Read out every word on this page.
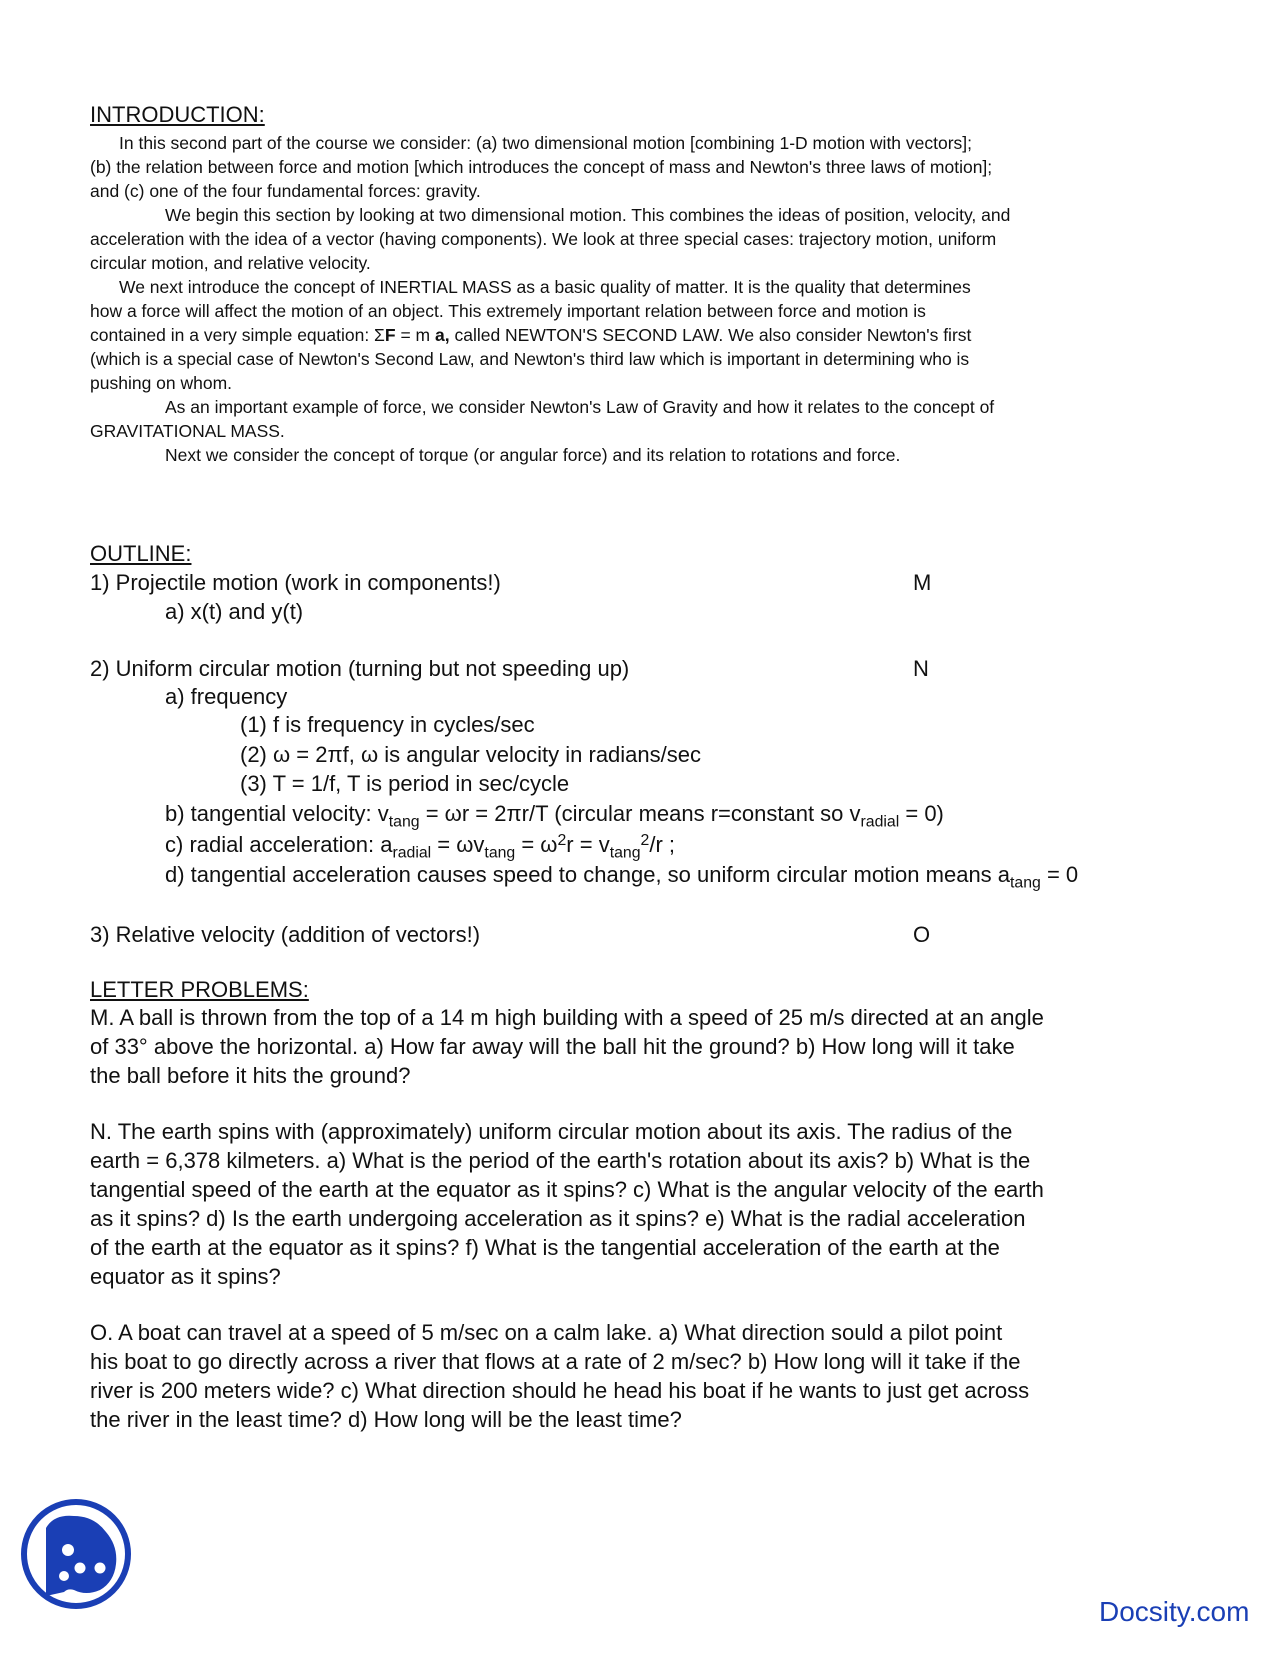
INTRODUCTION:
In this second part of the course we consider: (a) two dimensional motion [combining 1-D motion with vectors];
(b) the relation between force and motion [which introduces the concept of mass and Newton's three laws of motion];
and (c) one of the four fundamental forces: gravity.
We begin this section by looking at two dimensional motion. This combines the ideas of position, velocity, and
acceleration with the idea of a vector (having components). We look at three special cases: trajectory motion, uniform
circular motion, and relative velocity.
We next introduce the concept of INERTIAL MASS as a basic quality of matter. It is the quality that determines
how a force will affect the motion of an object. This extremely important relation between force and motion is
contained in a very simple equation: ΣF = m a, called NEWTON'S SECOND LAW. We also consider Newton's first
(which is a special case of Newton's Second Law, and Newton's third law which is important in determining who is
pushing on whom.
As an important example of force, we consider Newton's Law of Gravity and how it relates to the concept of
GRAVITATIONAL MASS.
Next we consider the concept of torque (or angular force) and its relation to rotations and force.
OUTLINE:
1) Projectile motion (work in components!)	M
a) x(t) and y(t)
2) Uniform circular motion (turning but not speeding up)	N
a) frequency
(1) f is frequency in cycles/sec
(2) ω = 2πf, ω is angular velocity in radians/sec
(3) T = 1/f, T is period in sec/cycle
b) tangential velocity: $v_{tang} = \omega r = 2\pi r/T$ (circular means r=constant so $v_{radial} = 0$)
c) radial acceleration: $a_{radial} = \omega v_{tang} = \omega^2r = v_{tang}^2/r$ ;
d) tangential acceleration causes speed to change, so uniform circular motion means $a_{tang} = 0$
3) Relative velocity (addition of vectors!)	O
LETTER PROBLEMS:
M. A ball is thrown from the top of a 14 m high building with a speed of 25 m/s directed at an angle
of 33° above the horizontal. a) How far away will the ball hit the ground? b) How long will it take
the ball before it hits the ground?
N. The earth spins with (approximately) uniform circular motion about its axis. The radius of the
earth = 6,378 kilmeters. a) What is the period of the earth's rotation about its axis? b) What is the
tangential speed of the earth at the equator as it spins? c) What is the angular velocity of the earth
as it spins? d) Is the earth undergoing acceleration as it spins? e) What is the radial acceleration
of the earth at the equator as it spins? f) What is the tangential acceleration of the earth at the
equator as it spins?
O. A boat can travel at a speed of 5 m/sec on a calm lake. a) What direction sould a pilot point
his boat to go directly across a river that flows at a rate of 2 m/sec? b) How long will it take if the
river is 200 meters wide? c) What direction should he head his boat if he wants to just get across
the river in the least time? d) How long will be the least time?
Docsity.com
